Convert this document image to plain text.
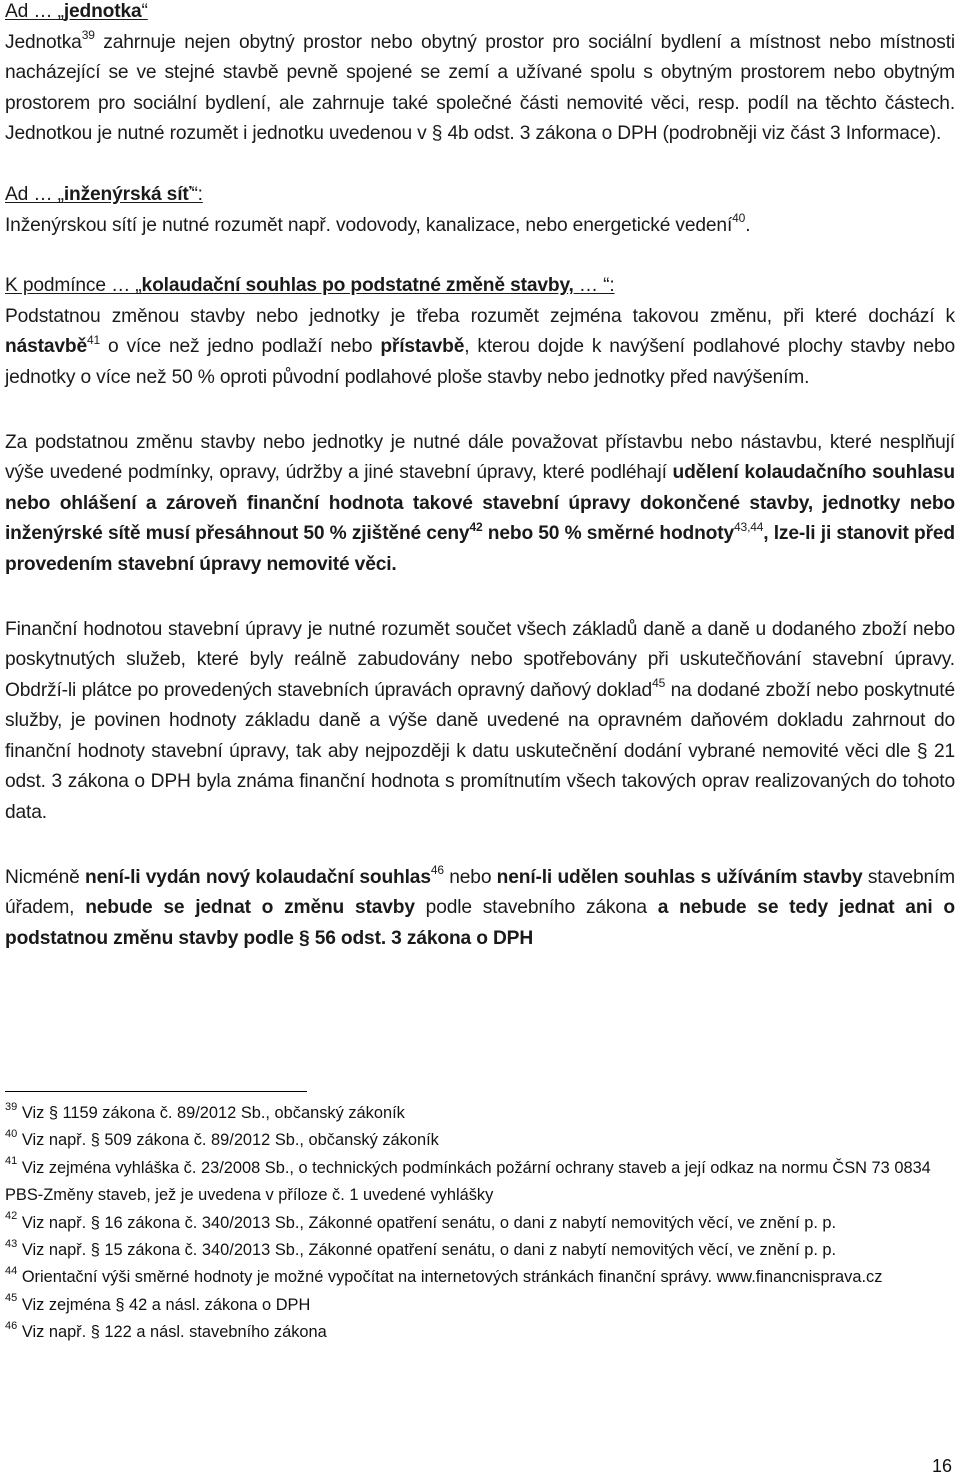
Ad … „jednotka“
Jednotka$^{39}$ zahrnuje nejen obytný prostor nebo obytný prostor pro sociální bydlení a místnost nebo místnosti nacházející se ve stejné stavbě pevně spojené se zemí a užívané spolu s obytným prostorem nebo obytným prostorem pro sociální bydlení, ale zahrnuje také společné části nemovité věci, resp. podíl na těchto částech. Jednotkou je nutné rozumět i jednotku uvedenou v § 4b odst. 3 zákona o DPH (podrobněji viz část 3 Informace).

Ad … „inženýrská síť“:
Inženýrskou sítí je nutné rozumět např. vodovody, kanalizace, nebo energetické vedení$^{40}$.

K podmínce … „kolaudační souhlas po podstatné změně stavby, … “:
Podstatnou změnou stavby nebo jednotky je třeba rozumět zejména takovou změnu, při které dochází k nástavbě$^{41}$ o více než jedno podlaží nebo přístavbě, kterou dojde k navýšení podlahové plochy stavby nebo jednotky o více než 50 % oproti původní podlahové ploše stavby nebo jednotky před navýšením.

Za podstatnou změnu stavby nebo jednotky je nutné dále považovat přístavbu nebo nástavbu, které nesplňují výše uvedené podmínky, opravy, údržby a jiné stavební úpravy, které podléhají udělení kolaudačního souhlasu nebo ohlášení a zároveň finanční hodnota takové stavební úpravy dokončené stavby, jednotky nebo inženýrské sítě musí přesáhnout 50 % zjištěné ceny$^{42}$ nebo 50 % směrné hodnoty$^{43,44}$, lze-li ji stanovit před provedením stavební úpravy nemovité věci.

Finanční hodnotou stavební úpravy je nutné rozumět součet všech základů daně a daně u dodaného zboží nebo poskytnutých služeb, které byly reálně zabudovány nebo spotřebovány při uskutečňování stavební úpravy. Obdrží-li plátce po provedených stavebních úpravách opravný daňový doklad$^{45}$ na dodané zboží nebo poskytnuté služby, je povinen hodnoty základu daně a výše daně uvedené na opravném daňovém dokladu zahrnout do finanční hodnoty stavební úpravy, tak aby nejpozději k datu uskutečnění dodání vybrané nemovité věci dle § 21 odst. 3 zákona o DPH byla známa finanční hodnota s promítnutím všech takových oprav realizovaných do tohoto data.

Nicméně není-li vydán nový kolaudační souhlas$^{46}$ nebo není-li udělen souhlas s užíváním stavby stavebním úřadem, nebude se jednat o změnu stavby podle stavebního zákona a nebude se tedy jednat ani o podstatnou změnu stavby podle § 56 odst. 3 zákona o DPH

$^{39}$ Viz § 1159 zákona č. 89/2012 Sb., občanský zákoník

$^{40}$ Viz např. § 509 zákona č. 89/2012 Sb., občanský zákoník

$^{41}$ Viz zejména vyhláška č. 23/2008 Sb., o technických podmínkách požární ochrany staveb a její odkaz na normu ČSN 73 0834 PBS-Změny staveb, jež je uvedena v příloze č. 1 uvedené vyhlášky

$^{42}$ Viz např. § 16 zákona č. 340/2013 Sb., Zákonné opatření senátu, o dani z nabytí nemovitých věcí, ve znění p. p.

$^{43}$ Viz např. § 15 zákona č. 340/2013 Sb., Zákonné opatření senátu, o dani z nabytí nemovitých věcí, ve znění p. p.

$^{44}$ Orientační výši směrné hodnoty je možné vypočítat na internetových stránkách finanční správy. www.financnisprava.cz

$^{45}$ Viz zejména § 42 a násl. zákona o DPH

$^{46}$ Viz např. § 122 a násl. stavebního zákona

16
